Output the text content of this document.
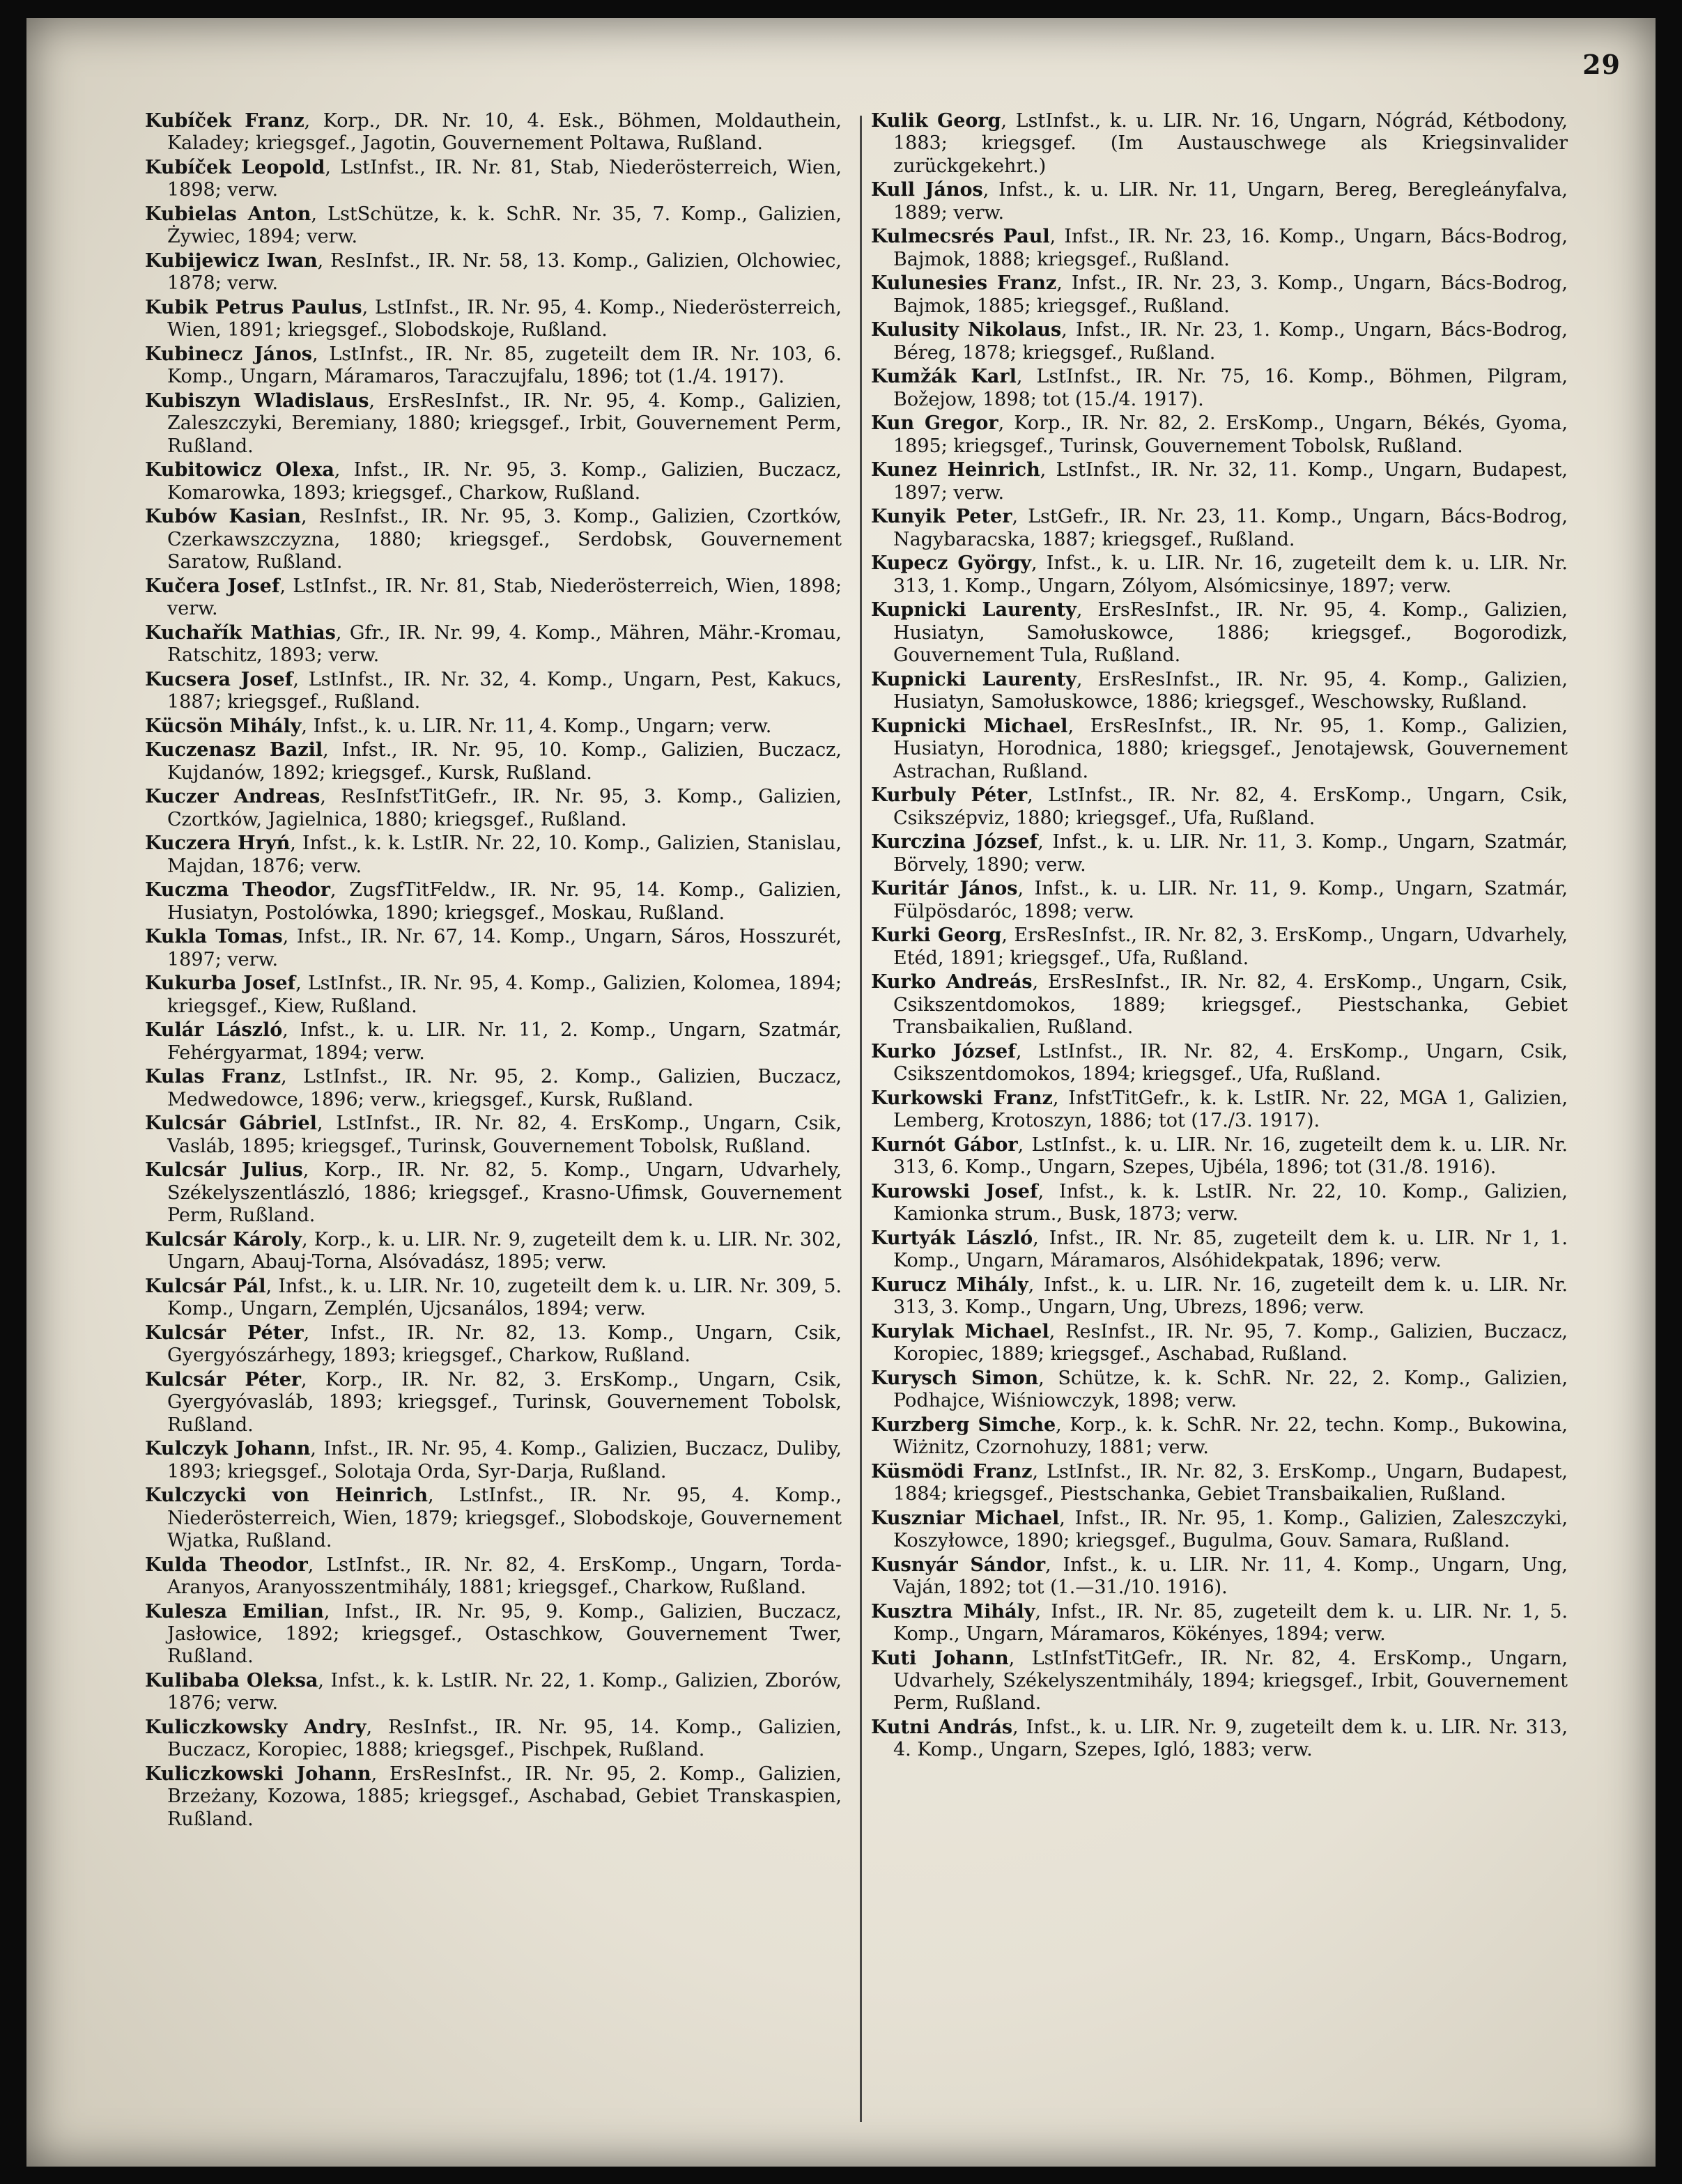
29

Kubíček Franz, Korp., DR. Nr. 10, 4. Esk., Böhmen, Moldauthein, Kaladey; kriegsgef., Jagotin, Gouvernement Poltawa, Rußland.

Kubíček Leopold, LstInfst., IR. Nr. 81, Stab, Niederösterreich, Wien, 1898; verw.

Kubielas Anton, LstSchütze, k. k. SchR. Nr. 35, 7. Komp., Galizien, Żywiec, 1894; verw.

Kubijewicz Iwan, ResInfst., IR. Nr. 58, 13. Komp., Galizien, Olchowiec, 1878; verw.

Kubik Petrus Paulus, LstInfst., IR. Nr. 95, 4. Komp., Niederösterreich, Wien, 1891; kriegsgef., Slobodskoje, Rußland.

Kubinecz János, LstInfst., IR. Nr. 85, zugeteilt dem IR. Nr. 103, 6. Komp., Ungarn, Máramaros, Taraczujfalu, 1896; tot (1./4. 1917).

Kubiszyn Wladislaus, ErsResInfst., IR. Nr. 95, 4. Komp., Galizien, Zaleszczyki, Beremiany, 1880; kriegsgef., Irbit, Gouvernement Perm, Rußland.

Kubitowicz Olexa, Infst., IR. Nr. 95, 3. Komp., Galizien, Buczacz, Komarowka, 1893; kriegsgef., Charkow, Rußland.

Kubów Kasian, ResInfst., IR. Nr. 95, 3. Komp., Galizien, Czortków, Czerkawszczyzna, 1880; kriegsgef., Serdobsk, Gouvernement Saratow, Rußland.

Kučera Josef, LstInfst., IR. Nr. 81, Stab, Niederösterreich, Wien, 1898; verw.

Kuchařík Mathias, Gfr., IR. Nr. 99, 4. Komp., Mähren, Mähr.-Kromau, Ratschitz, 1893; verw.

Kucsera Josef, LstInfst., IR. Nr. 32, 4. Komp., Ungarn, Pest, Kakucs, 1887; kriegsgef., Rußland.

Kücsön Mihály, Infst., k. u. LIR. Nr. 11, 4. Komp., Ungarn; verw.

Kuczenasz Bazil, Infst., IR. Nr. 95, 10. Komp., Galizien, Buczacz, Kujdanów, 1892; kriegsgef., Kursk, Rußland.

Kuczer Andreas, ResInfstTitGefr., IR. Nr. 95, 3. Komp., Galizien, Czortków, Jagielnica, 1880; kriegsgef., Rußland.

Kuczera Hryń, Infst., k. k. LstIR. Nr. 22, 10. Komp., Galizien, Stanislau, Majdan, 1876; verw.

Kuczma Theodor, ZugsfTitFeldw., IR. Nr. 95, 14. Komp., Galizien, Husiatyn, Postolówka, 1890; kriegsgef., Moskau, Rußland.

Kukla Tomas, Infst., IR. Nr. 67, 14. Komp., Ungarn, Sáros, Hosszurét, 1897; verw.

Kukurba Josef, LstInfst., IR. Nr. 95, 4. Komp., Galizien, Kolomea, 1894; kriegsgef., Kiew, Rußland.

Kulár László, Infst., k. u. LIR. Nr. 11, 2. Komp., Ungarn, Szatmár, Fehérgyarmat, 1894; verw.

Kulas Franz, LstInfst., IR. Nr. 95, 2. Komp., Galizien, Buczacz, Medwedowce, 1896; verw., kriegsgef., Kursk, Rußland.

Kulcsár Gábriel, LstInfst., IR. Nr. 82, 4. ErsKomp., Ungarn, Csik, Vasláb, 1895; kriegsgef., Turinsk, Gouvernement Tobolsk, Rußland.

Kulcsár Julius, Korp., IR. Nr. 82, 5. Komp., Ungarn, Udvarhely, Székelyszentlászló, 1886; kriegsgef., Krasno-Ufimsk, Gouvernement Perm, Rußland.

Kulcsár Károly, Korp., k. u. LIR. Nr. 9, zugeteilt dem k. u. LIR. Nr. 302, Ungarn, Abauj-Torna, Alsóvadász, 1895; verw.

Kulcsár Pál, Infst., k. u. LIR. Nr. 10, zugeteilt dem k. u. LIR. Nr. 309, 5. Komp., Ungarn, Zemplén, Ujcsanálos, 1894; verw.

Kulcsár Péter, Infst., IR. Nr. 82, 13. Komp., Ungarn, Csik, Gyergyószárhegy, 1893; kriegsgef., Charkow, Rußland.

Kulcsár Péter, Korp., IR. Nr. 82, 3. ErsKomp., Ungarn, Csik, Gyergyóvasláb, 1893; kriegsgef., Turinsk, Gouvernement Tobolsk, Rußland.

Kulczyk Johann, Infst., IR. Nr. 95, 4. Komp., Galizien, Buczacz, Duliby, 1893; kriegsgef., Solotaja Orda, Syr-Darja, Rußland.

Kulczycki von Heinrich, LstInfst., IR. Nr. 95, 4. Komp., Niederösterreich, Wien, 1879; kriegsgef., Slobodskoje, Gouvernement Wjatka, Rußland.

Kulda Theodor, LstInfst., IR. Nr. 82, 4. ErsKomp., Ungarn, Torda-Aranyos, Aranyosszentmihály, 1881; kriegsgef., Charkow, Rußland.

Kulesza Emilian, Infst., IR. Nr. 95, 9. Komp., Galizien, Buczacz, Jasłowice, 1892; kriegsgef., Ostaschkow, Gouvernement Twer, Rußland.

Kulibaba Oleksa, Infst., k. k. LstIR. Nr. 22, 1. Komp., Galizien, Zborów, 1876; verw.

Kuliczkowsky Andry, ResInfst., IR. Nr. 95, 14. Komp., Galizien, Buczacz, Koropiec, 1888; kriegsgef., Pischpek, Rußland.

Kuliczkowski Johann, ErsResInfst., IR. Nr. 95, 2. Komp., Galizien, Brzeżany, Kozowa, 1885; kriegsgef., Aschabad, Gebiet Transkaspien, Rußland.

Kulik Georg, LstInfst., k. u. LIR. Nr. 16, Ungarn, Nógrád, Kétbodony, 1883; kriegsgef. (Im Austauschwege als Kriegsinvalider zurückgekehrt.)

Kull János, Infst., k. u. LIR. Nr. 11, Ungarn, Bereg, Beregleányfalva, 1889; verw.

Kulmecsrés Paul, Infst., IR. Nr. 23, 16. Komp., Ungarn, Bács-Bodrog, Bajmok, 1888; kriegsgef., Rußland.

Kulunesies Franz, Infst., IR. Nr. 23, 3. Komp., Ungarn, Bács-Bodrog, Bajmok, 1885; kriegsgef., Rußland.

Kulusity Nikolaus, Infst., IR. Nr. 23, 1. Komp., Ungarn, Bács-Bodrog, Béreg, 1878; kriegsgef., Rußland.

Kumžák Karl, LstInfst., IR. Nr. 75, 16. Komp., Böhmen, Pilgram, Božejow, 1898; tot (15./4. 1917).

Kun Gregor, Korp., IR. Nr. 82, 2. ErsKomp., Ungarn, Békés, Gyoma, 1895; kriegsgef., Turinsk, Gouvernement Tobolsk, Rußland.

Kunez Heinrich, LstInfst., IR. Nr. 32, 11. Komp., Ungarn, Budapest, 1897; verw.

Kunyik Peter, LstGefr., IR. Nr. 23, 11. Komp., Ungarn, Bács-Bodrog, Nagybaracska, 1887; kriegsgef., Rußland.

Kupecz György, Infst., k. u. LIR. Nr. 16, zugeteilt dem k. u. LIR. Nr. 313, 1. Komp., Ungarn, Zólyom, Alsómicsinye, 1897; verw.

Kupnicki Laurenty, ErsResInfst., IR. Nr. 95, 4. Komp., Galizien, Husiatyn, Samołuskowce, 1886; kriegsgef., Bogorodizk, Gouvernement Tula, Rußland.

Kupnicki Laurenty, ErsResInfst., IR. Nr. 95, 4. Komp., Galizien, Husiatyn, Samołuskowce, 1886; kriegsgef., Weschowsky, Rußland.

Kupnicki Michael, ErsResInfst., IR. Nr. 95, 1. Komp., Galizien, Husiatyn, Horodnica, 1880; kriegsgef., Jenotajewsk, Gouvernement Astrachan, Rußland.

Kurbuly Péter, LstInfst., IR. Nr. 82, 4. ErsKomp., Ungarn, Csik, Csikszépviz, 1880; kriegsgef., Ufa, Rußland.

Kurczina József, Infst., k. u. LIR. Nr. 11, 3. Komp., Ungarn, Szatmár, Börvely, 1890; verw.

Kuritár János, Infst., k. u. LIR. Nr. 11, 9. Komp., Ungarn, Szatmár, Fülpösdaróc, 1898; verw.

Kurki Georg, ErsResInfst., IR. Nr. 82, 3. ErsKomp., Ungarn, Udvarhely, Etéd, 1891; kriegsgef., Ufa, Rußland.

Kurko Andreás, ErsResInfst., IR. Nr. 82, 4. ErsKomp., Ungarn, Csik, Csikszentdomokos, 1889; kriegsgef., Piestschanka, Gebiet Transbaikalien, Rußland.

Kurko József, LstInfst., IR. Nr. 82, 4. ErsKomp., Ungarn, Csik, Csikszentdomokos, 1894; kriegsgef., Ufa, Rußland.

Kurkowski Franz, InfstTitGefr., k. k. LstIR. Nr. 22, MGA 1, Galizien, Lemberg, Krotoszyn, 1886; tot (17./3. 1917).

Kurnót Gábor, LstInfst., k. u. LIR. Nr. 16, zugeteilt dem k. u. LIR. Nr. 313, 6. Komp., Ungarn, Szepes, Ujbéla, 1896; tot (31./8. 1916).

Kurowski Josef, Infst., k. k. LstIR. Nr. 22, 10. Komp., Galizien, Kamionka strum., Busk, 1873; verw.

Kurtyák László, Infst., IR. Nr. 85, zugeteilt dem k. u. LIR. Nr 1, 1. Komp., Ungarn, Máramaros, Alsóhidekpatak, 1896; verw.

Kurucz Mihály, Infst., k. u. LIR. Nr. 16, zugeteilt dem k. u. LIR. Nr. 313, 3. Komp., Ungarn, Ung, Ubrezs, 1896; verw.

Kurylak Michael, ResInfst., IR. Nr. 95, 7. Komp., Galizien, Buczacz, Koropiec, 1889; kriegsgef., Aschabad, Rußland.

Kurysch Simon, Schütze, k. k. SchR. Nr. 22, 2. Komp., Galizien, Podhajce, Wiśniowczyk, 1898; verw.

Kurzberg Simche, Korp., k. k. SchR. Nr. 22, techn. Komp., Bukowina, Wiżnitz, Czornohuzy, 1881; verw.

Küsmödi Franz, LstInfst., IR. Nr. 82, 3. ErsKomp., Ungarn, Budapest, 1884; kriegsgef., Piestschanka, Gebiet Transbaikalien, Rußland.

Kuszniar Michael, Infst., IR. Nr. 95, 1. Komp., Galizien, Zaleszczyki, Koszyłowce, 1890; kriegsgef., Bugulma, Gouv. Samara, Rußland.

Kusnyár Sándor, Infst., k. u. LIR. Nr. 11, 4. Komp., Ungarn, Ung, Vaján, 1892; tot (1.—31./10. 1916).

Kusztra Mihály, Infst., IR. Nr. 85, zugeteilt dem k. u. LIR. Nr. 1, 5. Komp., Ungarn, Máramaros, Kökényes, 1894; verw.

Kuti Johann, LstInfstTitGefr., IR. Nr. 82, 4. ErsKomp., Ungarn, Udvarhely, Székelyszentmihály, 1894; kriegsgef., Irbit, Gouvernement Perm, Rußland.

Kutni András, Infst., k. u. LIR. Nr. 9, zugeteilt dem k. u. LIR. Nr. 313, 4. Komp., Ungarn, Szepes, Igló, 1883; verw.
